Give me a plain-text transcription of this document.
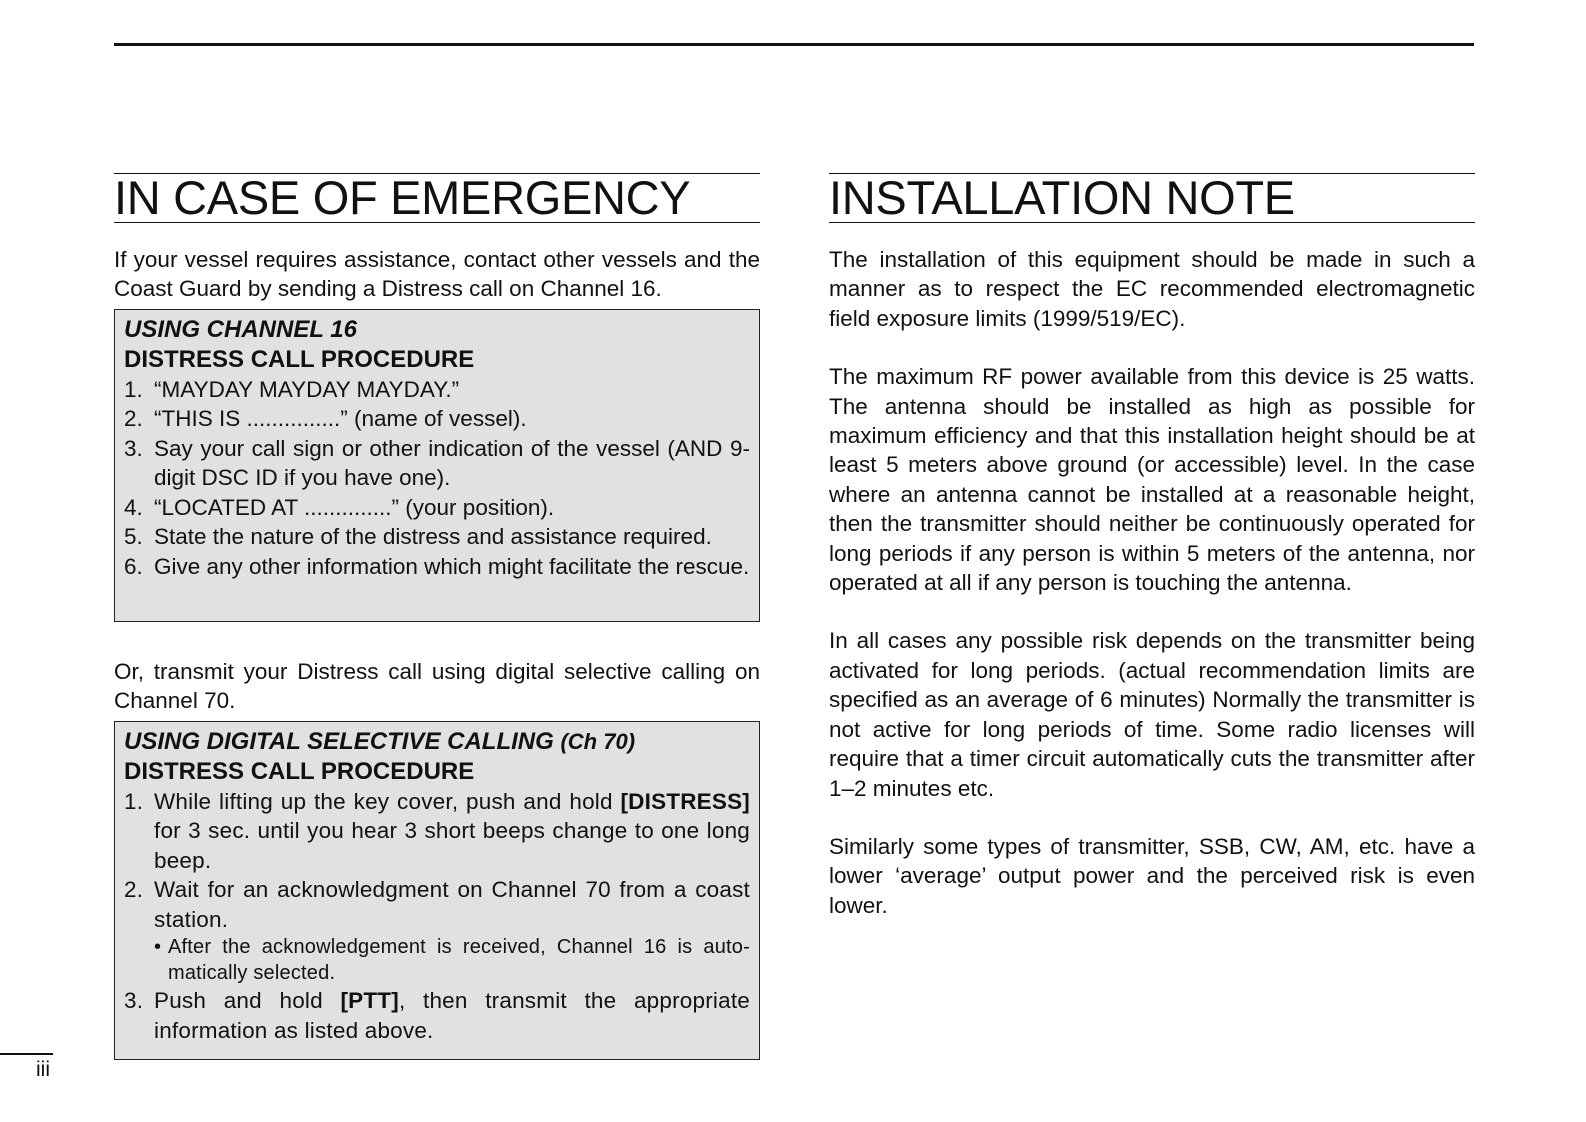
IN CASE OF EMERGENCY

If your vessel requires assistance, contact other vessels and the Coast Guard by sending a Distress call on Channel 16.

USING CHANNEL 16
DISTRESS CALL PROCEDURE
1. “MAYDAY MAYDAY MAYDAY.”
2. “THIS IS ...............” (name of vessel).
3. Say your call sign or other indication of the vessel (AND 9-digit DSC ID if you have one).
4. “LOCATED AT ..............” (your position).
5. State the nature of the distress and assistance required.
6. Give any other information which might facilitate the rescue.

Or, transmit your Distress call using digital selective calling on Channel 70.

USING DIGITAL SELECTIVE CALLING (Ch 70)
DISTRESS CALL PROCEDURE
1. While lifting up the key cover, push and hold [DISTRESS] for 3 sec. until you hear 3 short beeps change to one long beep.
2. Wait for an acknowledgment on Channel 70 from a coast station.
• After the acknowledgement is received, Channel 16 is auto-matically selected.
3. Push and hold [PTT], then transmit the appropriate information as listed above.
INSTALLATION NOTE

The installation of this equipment should be made in such a manner as to respect the EC recommended electromagnetic field exposure limits (1999/519/EC).

The maximum RF power available from this device is 25 watts. The antenna should be installed as high as possible for maximum efficiency and that this installation height should be at least 5 meters above ground (or accessible) level. In the case where an antenna cannot be installed at a reasonable height, then the transmitter should neither be continuously operated for long periods if any person is within 5 meters of the antenna, nor operated at all if any person is touching the antenna.

In all cases any possible risk depends on the transmitter being activated for long periods. (actual recommendation limits are specified as an average of 6 minutes) Normally the transmitter is not active for long periods of time. Some radio licenses will require that a timer circuit automatically cuts the transmitter after 1–2 minutes etc.

Similarly some types of transmitter, SSB, CW, AM, etc. have a lower ‘average’ output power and the perceived risk is even lower.

iii
